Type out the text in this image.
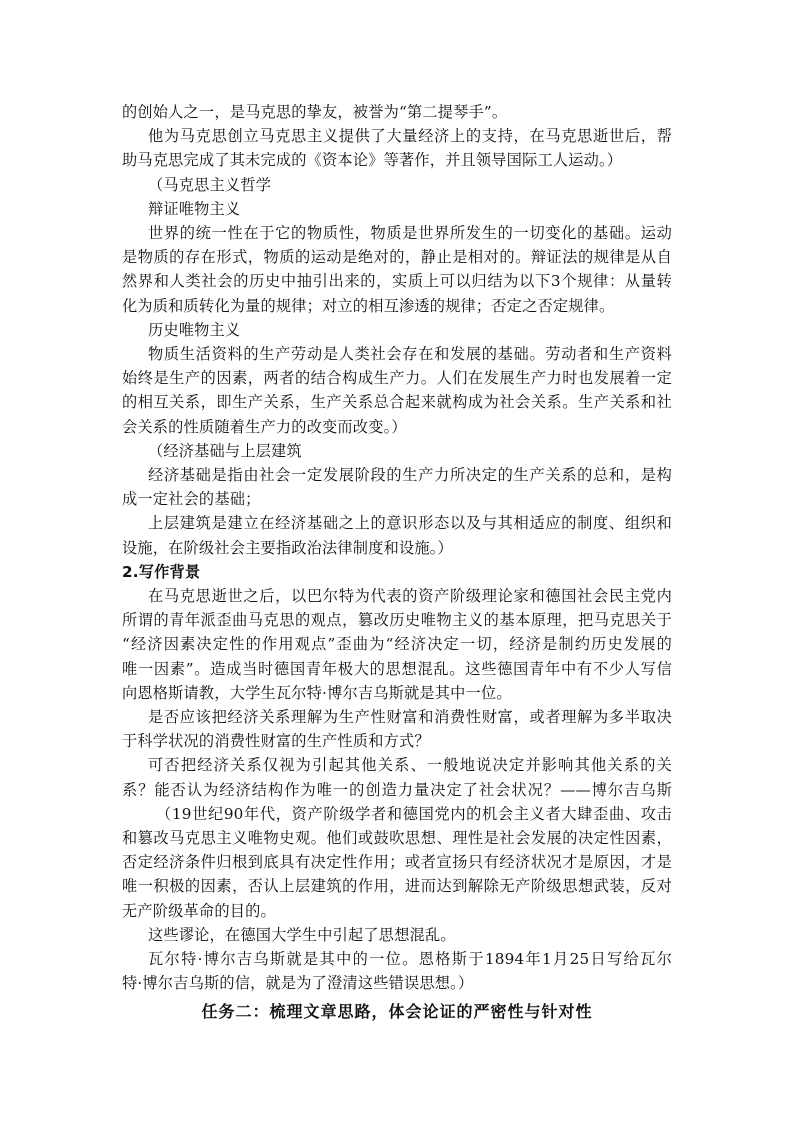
的创始人之一，是马克思的挚友，被誉为“第二提琴手”。
他为马克思创立马克思主义提供了大量经济上的支持，在马克思逝世后，帮
助马克思完成了其未完成的《资本论》等著作，并且领导国际工人运动。）
（马克思主义哲学
辩证唯物主义
世界的统一性在于它的物质性，物质是世界所发生的一切变化的基础。运动
是物质的存在形式，物质的运动是绝对的，静止是相对的。辩证法的规律是从自
然界和人类社会的历史中抽引出来的，实质上可以归结为以下3个规律：从量转
化为质和质转化为量的规律；对立的相互渗透的规律；否定之否定规律。
历史唯物主义
物质生活资料的生产劳动是人类社会存在和发展的基础。劳动者和生产资料
始终是生产的因素，两者的结合构成生产力。人们在发展生产力时也发展着一定
的相互关系，即生产关系，生产关系总合起来就构成为社会关系。生产关系和社
会关系的性质随着生产力的改变而改变。）
（经济基础与上层建筑
经济基础是指由社会一定发展阶段的生产力所决定的生产关系的总和，是构
成一定社会的基础；
上层建筑是建立在经济基础之上的意识形态以及与其相适应的制度、组织和
设施，在阶级社会主要指政治法律制度和设施。）
2.写作背景
在马克思逝世之后，以巴尔特为代表的资产阶级理论家和德国社会民主党内
所谓的青年派歪曲马克思的观点，篡改历史唯物主义的基本原理，把马克思关于
“经济因素决定性的作用观点”歪曲为“经济决定一切，经济是制约历史发展的
唯一因素”。造成当时德国青年极大的思想混乱。这些德国青年中有不少人写信
向恩格斯请教，大学生瓦尔特·博尔吉乌斯就是其中一位。
是否应该把经济关系理解为生产性财富和消费性财富，或者理解为多半取决
于科学状况的消费性财富的生产性质和方式？
可否把经济关系仅视为引起其他关系、一般地说决定并影响其他关系的关
系？能否认为经济结构作为唯一的创造力量决定了社会状况？——博尔吉乌斯
（19世纪90年代，资产阶级学者和德国党内的机会主义者大肆歪曲、攻击
和篡改马克思主义唯物史观。他们或鼓吹思想、理性是社会发展的决定性因素，
否定经济条件归根到底具有决定性作用；或者宣扬只有经济状况才是原因，才是
唯一积极的因素，否认上层建筑的作用，进而达到解除无产阶级思想武装，反对
无产阶级革命的目的。
任务二：梳理文章思路，体会论证的严密性与针对性
这些谬论，在德国大学生中引起了思想混乱。
瓦尔特·博尔吉乌斯就是其中的一位。恩格斯于1894年1月25日写给瓦尔
特·博尔吉乌斯的信，就是为了澄清这些错误思想。）
